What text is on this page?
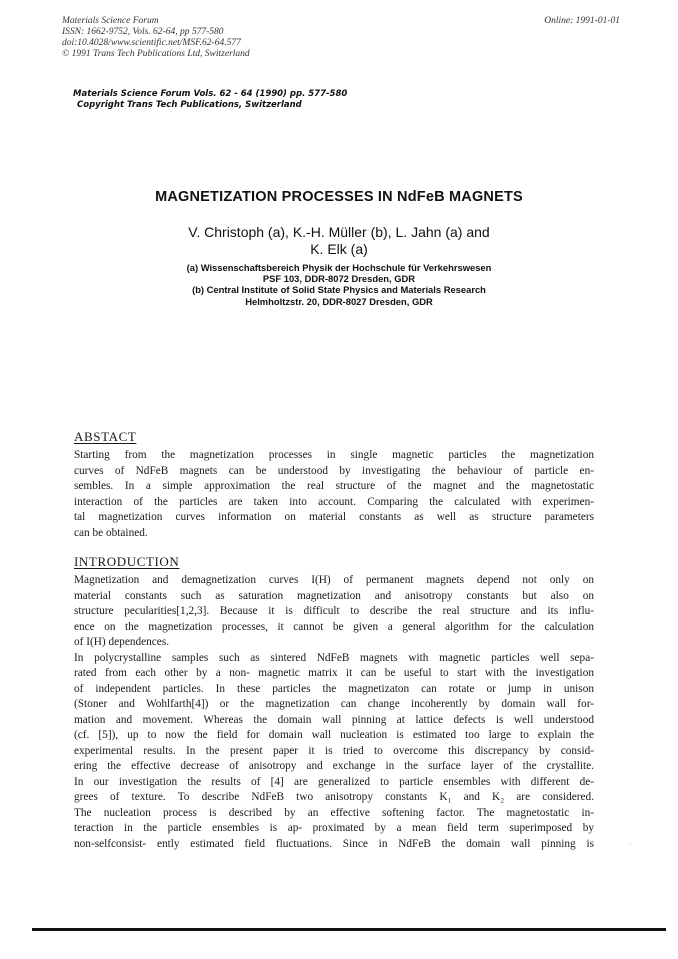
Materials Science Forum
ISSN: 1662-9752, Vols. 62-64, pp 577-580
doi:10.4028/www.scientific.net/MSF.62-64.577
© 1991 Trans Tech Publications Ltd, Switzerland
Online: 1991-01-01
Materials Science Forum Vols. 62 - 64 (1990) pp. 577-580
Copyright Trans Tech Publications, Switzerland
MAGNETIZATION PROCESSES IN NdFeB MAGNETS
V. Christoph (a), K.-H. Müller (b), L. Jahn (a) and
K. Elk (a)
(a) Wissenschaftsbereich Physik der Hochschule für Verkehrswesen
PSF 103, DDR-8072 Dresden, GDR
(b) Central Institute of Solid State Physics and Materials Research
Helmholtzstr. 20, DDR-8027 Dresden, GDR
ABSTACT
Starting from the magnetization processes in single magnetic particles the magnetization
curves of NdFeB magnets can be understood by investigating the behaviour of particle en-
sembles. In a simple approximation the real structure of the magnet and the magnetostatic
interaction of the particles are taken into account. Comparing the calculated with experimen-
tal magnetization curves information on material constants as well as structure parameters
can be obtained.
INTRODUCTION
Magnetization and demagnetization curves I(H) of permanent magnets depend not only on
material constants such as saturation magnetization and anisotropy constants but also on
structure pecularities[1,2,3]. Because it is difficult to describe the real structure and its influ-
ence on the magnetization processes, it cannot be given a general algorithm for the calculation
of I(H) dependences.
In polycrystalline samples such as sintered NdFeB magnets with magnetic particles well sepa-
rated from each other by a non- magnetic matrix it can be useful to start with the investigation
of independent particles. In these particles the magnetizaton can rotate or jump in unison
(Stoner and Wohlfarth[4]) or the magnetization can change incoherently by domain wall for-
mation and movement. Whereas the domain wall pinning at lattice defects is well understood
(cf. [5]), up to now the field for domain wall nucleation is estimated too large to explain the
experimental results. In the present paper it is tried to overcome this discrepancy by consid-
ering the effective decrease of anisotropy and exchange in the surface layer of the crystallite.
In our investigation the results of [4] are generalized to particle ensembles with different de-
grees of texture. To describe NdFeB two anisotropy constants K₁ and K₂ are considered.
The nucleation process is described by an effective softening factor. The magnetostatic in-
teraction in the particle ensembles is ap- proximated by a mean field term superimposed by
non-selfconsist- ently estimated field fluctuations. Since in NdFeB the domain wall pinning is
